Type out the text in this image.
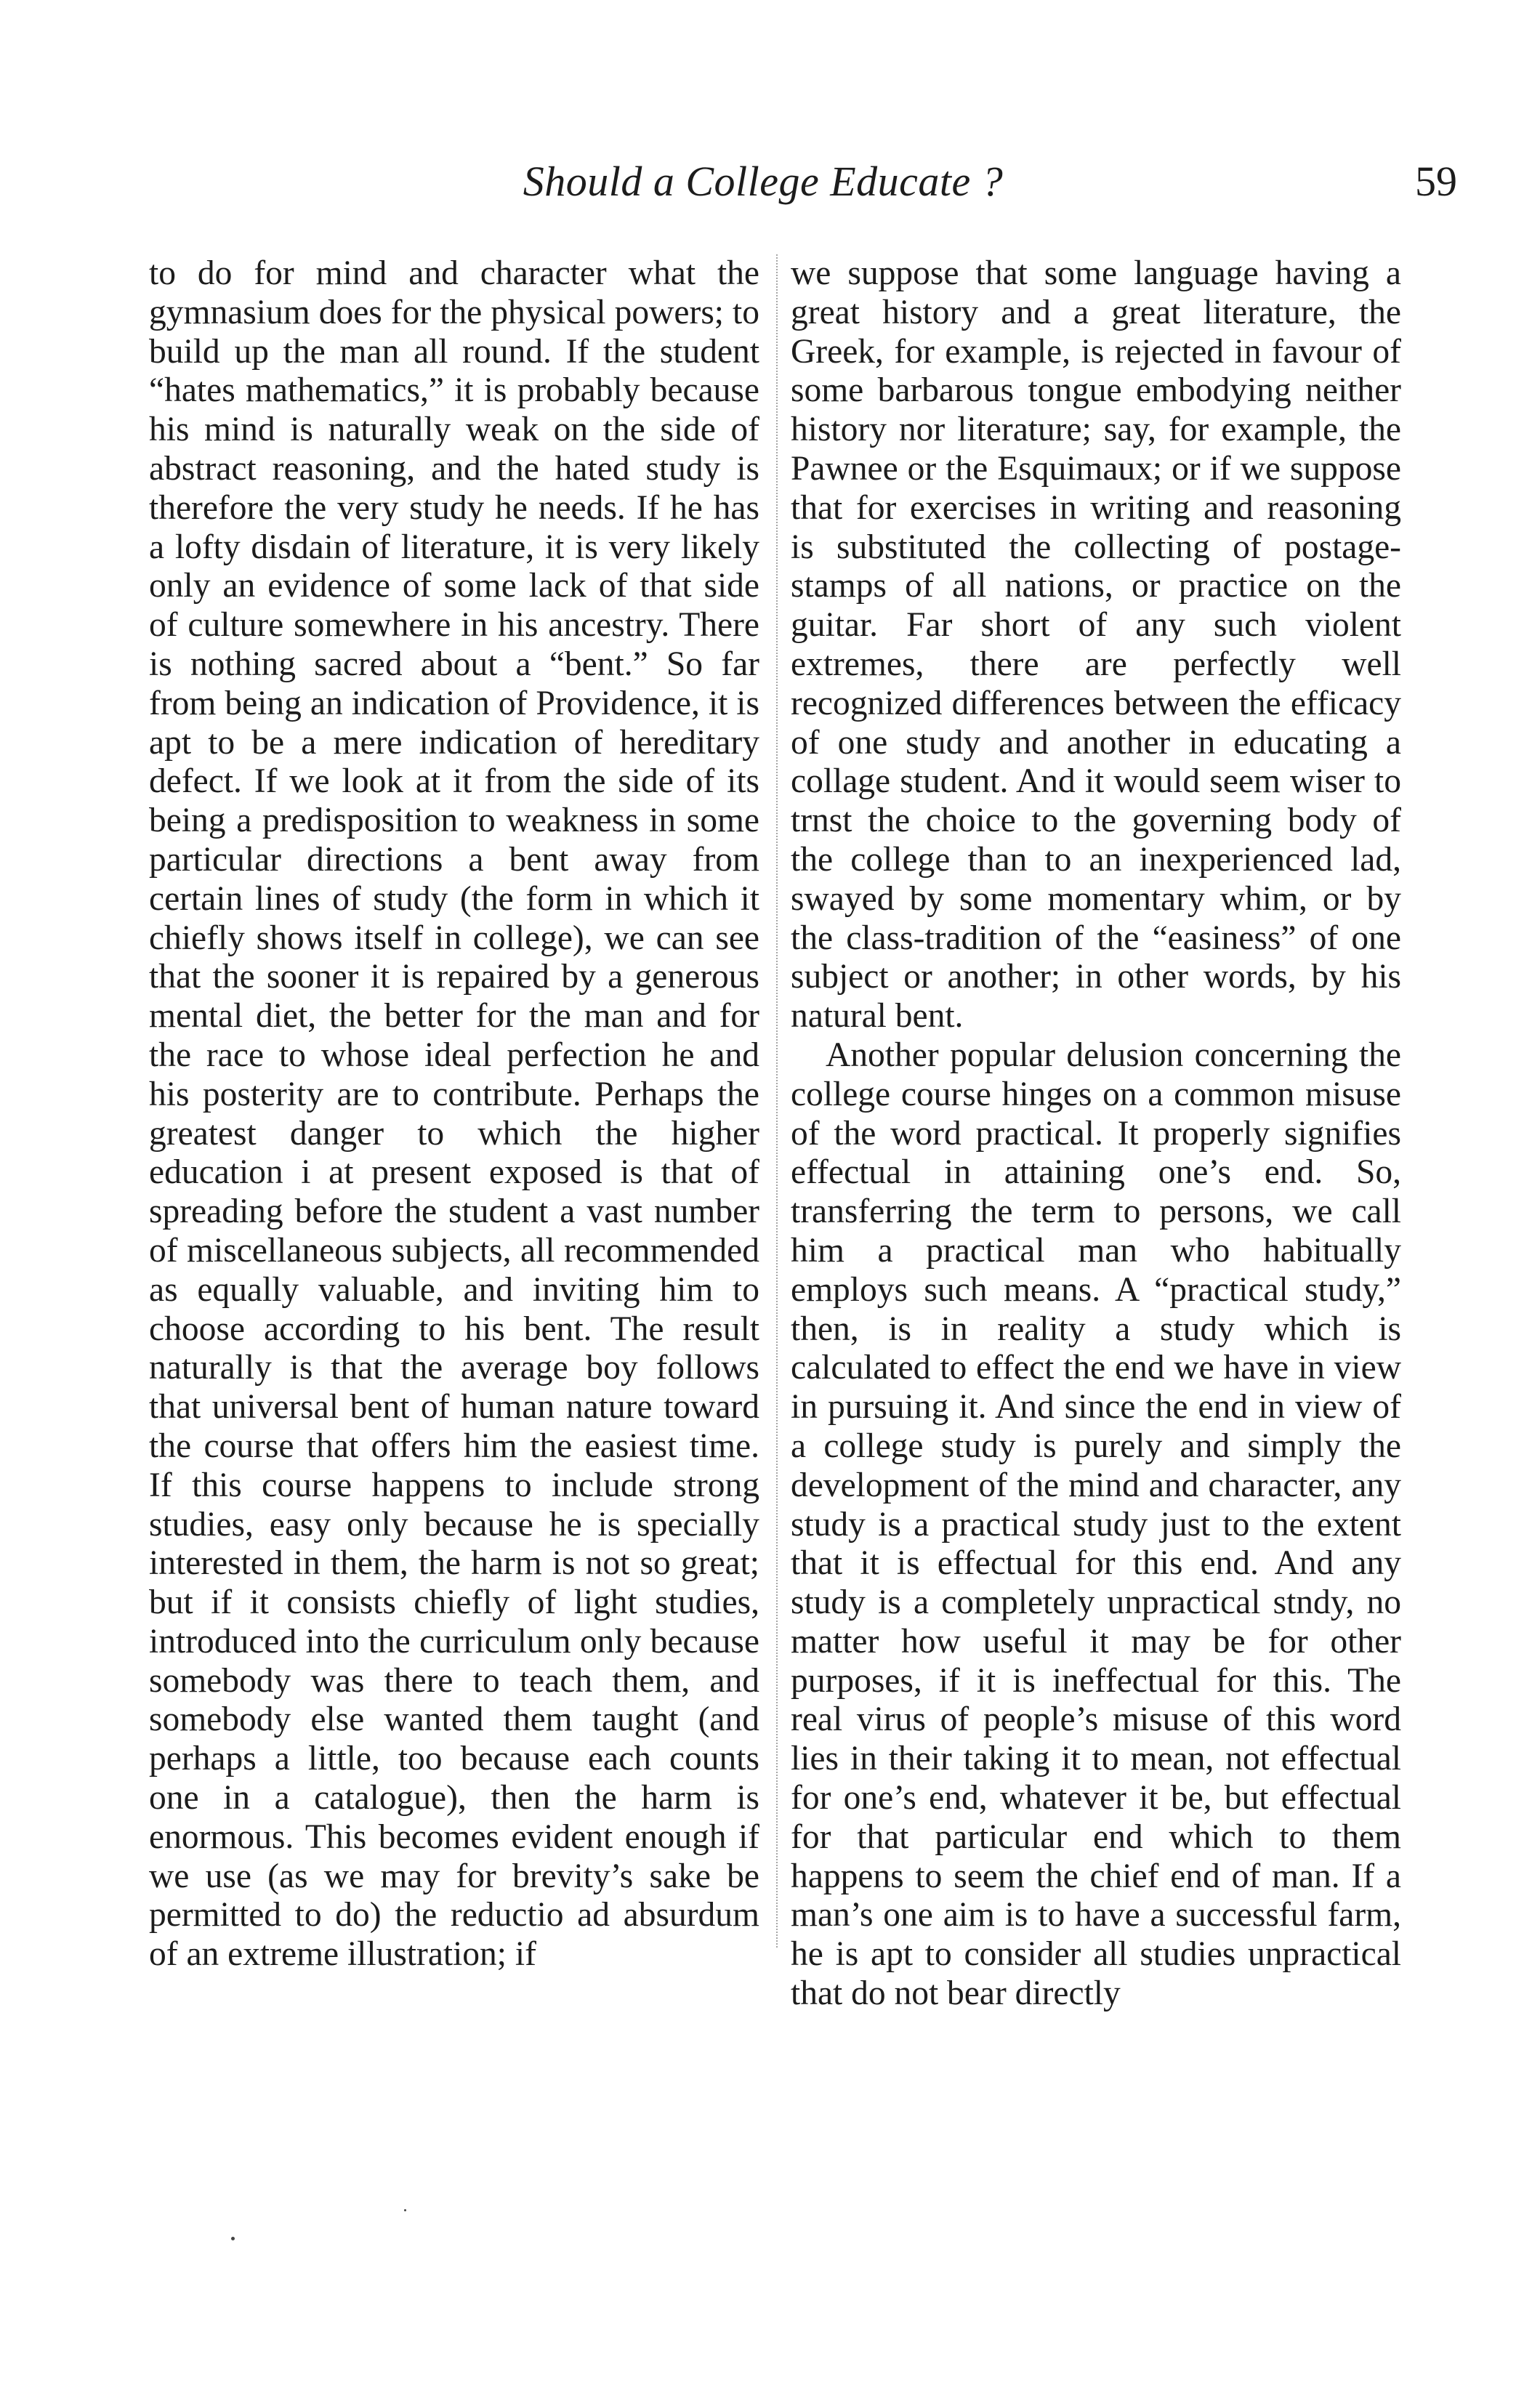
Should a College Educate ?	59

to do for mind and character what the gymnasium does for the physical powers; to build up the man all round. If the student “hates mathematics,” it is probably because his mind is naturally weak on the side of abstract reasoning, and the hated study is therefore the very study he needs. If he has a lofty disdain of literature, it is very likely only an evidence of some lack of that side of culture somewhere in his ancestry. There is nothing sacred about a “bent.” So far from being an indication of Providence, it is apt to be a mere indication of hereditary defect. If we look at it from the side of its being a predisposition to weakness in some particular directions a bent away from certain lines of study (the form in which it chiefly shows itself in college), we can see that the sooner it is repaired by a generous mental diet, the better for the man and for the race to whose ideal perfection he and his posterity are to contribute. Perhaps the greatest danger to which the higher education i at present exposed is that of spreading before the student a vast number of miscellaneous subjects, all recommended as equally valuable, and inviting him to choose according to his bent. The result naturally is that the average boy follows that universal bent of human nature toward the course that offers him the easiest time. If this course happens to include strong studies, easy only because he is specially interested in them, the harm is not so great; but if it consists chiefly of light studies, introduced into the curriculum only because somebody was there to teach them, and somebody else wanted them taught (and perhaps a little, too because each counts one in a catalogue), then the harm is enormous. This becomes evident enough if we use (as we may for brevity’s sake be permitted to do) the reductio ad absurdum of an extreme illustration; if

we suppose that some language having a great history and a great literature, the Greek, for example, is rejected in favour of some barbarous tongue embodying neither history nor literature; say, for example, the Pawnee or the Esquimaux; or if we suppose that for exercises in writing and reasoning is substituted the collecting of postage-stamps of all nations, or practice on the guitar. Far short of any such violent extremes, there are perfectly well recognized differences between the efficacy of one study and another in educating a collage student. And it would seem wiser to trnst the choice to the governing body of the college than to an inexperienced lad, swayed by some momentary whim, or by the class-tradition of the “easiness” of one subject or another; in other words, by his natural bent.

Another popular delusion concerning the college course hinges on a common misuse of the word practical. It properly signifies effectual in attaining one’s end. So, transferring the term to persons, we call him a practical man who habitually employs such means. A “practical study,” then, is in reality a study which is calculated to effect the end we have in view in pursuing it. And since the end in view of a college study is purely and simply the development of the mind and character, any study is a practical study just to the extent that it is effectual for this end. And any study is a completely unpractical stndy, no matter how useful it may be for other purposes, if it is ineffectual for this. The real virus of people’s misuse of this word lies in their taking it to mean, not effectual for one’s end, whatever it be, but effectual for that particular end which to them happens to seem the chief end of man. If a man’s one aim is to have a successful farm, he is apt to consider all studies unpractical that do not bear directly
